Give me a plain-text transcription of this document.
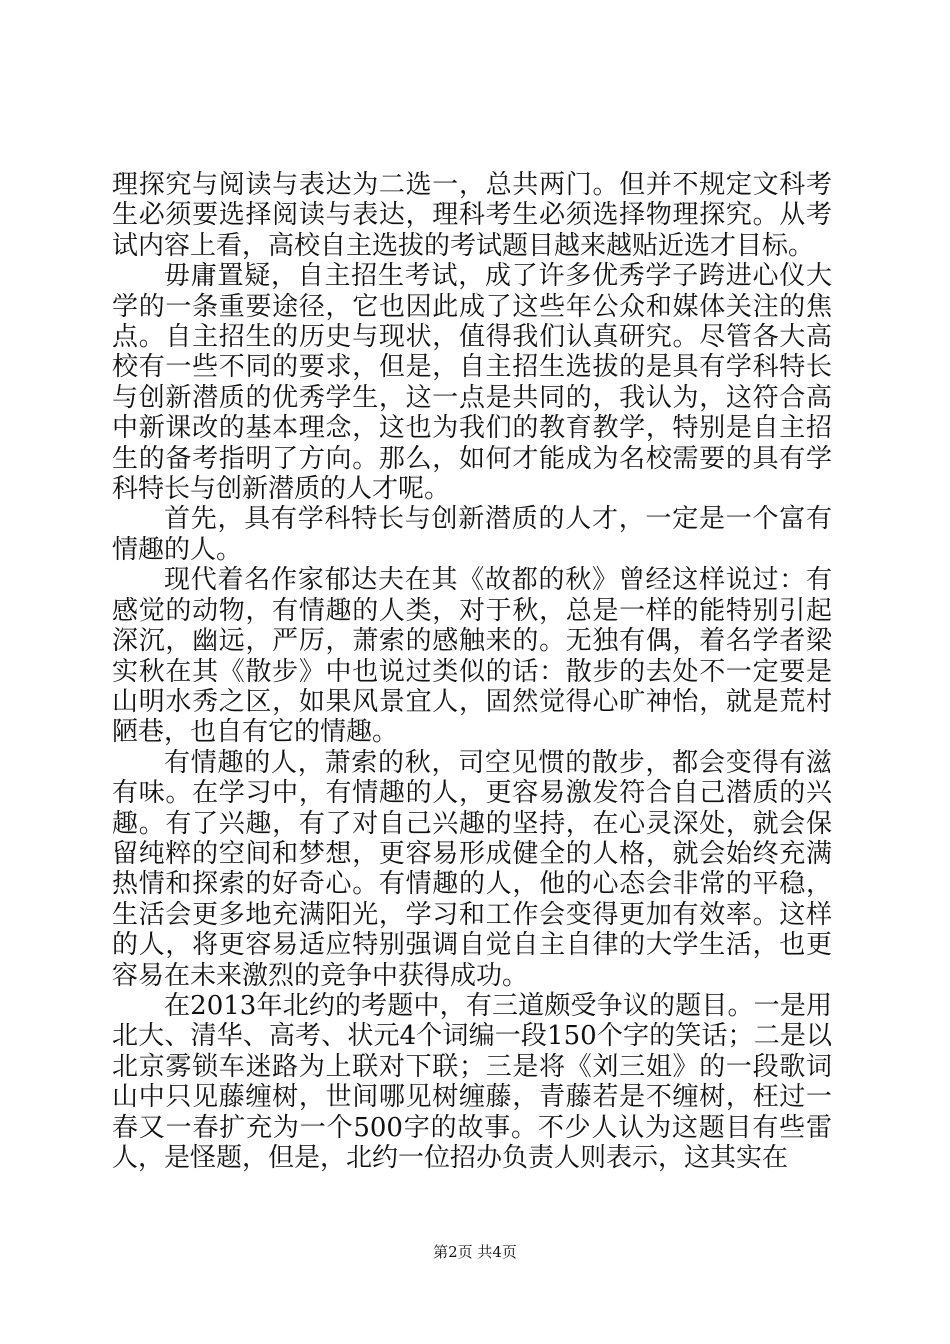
理探究与阅读与表达为二选一，总共两门。但并不规定文科考生必须要选择阅读与表达，理科考生必须选择物理探究。从考试内容上看，高校自主选拔的考试题目越来越贴近选才目标。

毋庸置疑，自主招生考试，成了许多优秀学子跨进心仪大学的一条重要途径，它也因此成了这些年公众和媒体关注的焦点。自主招生的历史与现状，值得我们认真研究。尽管各大高校有一些不同的要求，但是，自主招生选拔的是具有学科特长与创新潜质的优秀学生，这一点是共同的，我认为，这符合高中新课改的基本理念，这也为我们的教育教学，特别是自主招生的备考指明了方向。那么，如何才能成为名校需要的具有学科特长与创新潜质的人才呢。

首先，具有学科特长与创新潜质的人才，一定是一个富有情趣的人。

现代着名作家郁达夫在其《故都的秋》曾经这样说过：有感觉的动物，有情趣的人类，对于秋，总是一样的能特别引起深沉，幽远，严厉，萧索的感触来的。无独有偶，着名学者梁实秋在其《散步》中也说过类似的话：散步的去处不一定要是山明水秀之区，如果风景宜人，固然觉得心旷神怡，就是荒村陋巷，也自有它的情趣。

有情趣的人，萧索的秋，司空见惯的散步，都会变得有滋有味。在学习中，有情趣的人，更容易激发符合自己潜质的兴趣。有了兴趣，有了对自己兴趣的坚持，在心灵深处，就会保留纯粹的空间和梦想，更容易形成健全的人格，就会始终充满热情和探索的好奇心。有情趣的人，他的心态会非常的平稳，生活会更多地充满阳光，学习和工作会变得更加有效率。这样的人，将更容易适应特别强调自觉自主自律的大学生活，也更容易在未来激烈的竞争中获得成功。

在2013年北约的考题中，有三道颇受争议的题目。一是用北大、清华、高考、状元4个词编一段150个字的笑话；二是以北京雾锁车迷路为上联对下联；三是将《刘三姐》的一段歌词山中只见藤缠树，世间哪见树缠藤，青藤若是不缠树，枉过一春又一春扩充为一个500字的故事。不少人认为这题目有些雷人，是怪题，但是，北约一位招办负责人则表示，这其实在

第2页 共4页
